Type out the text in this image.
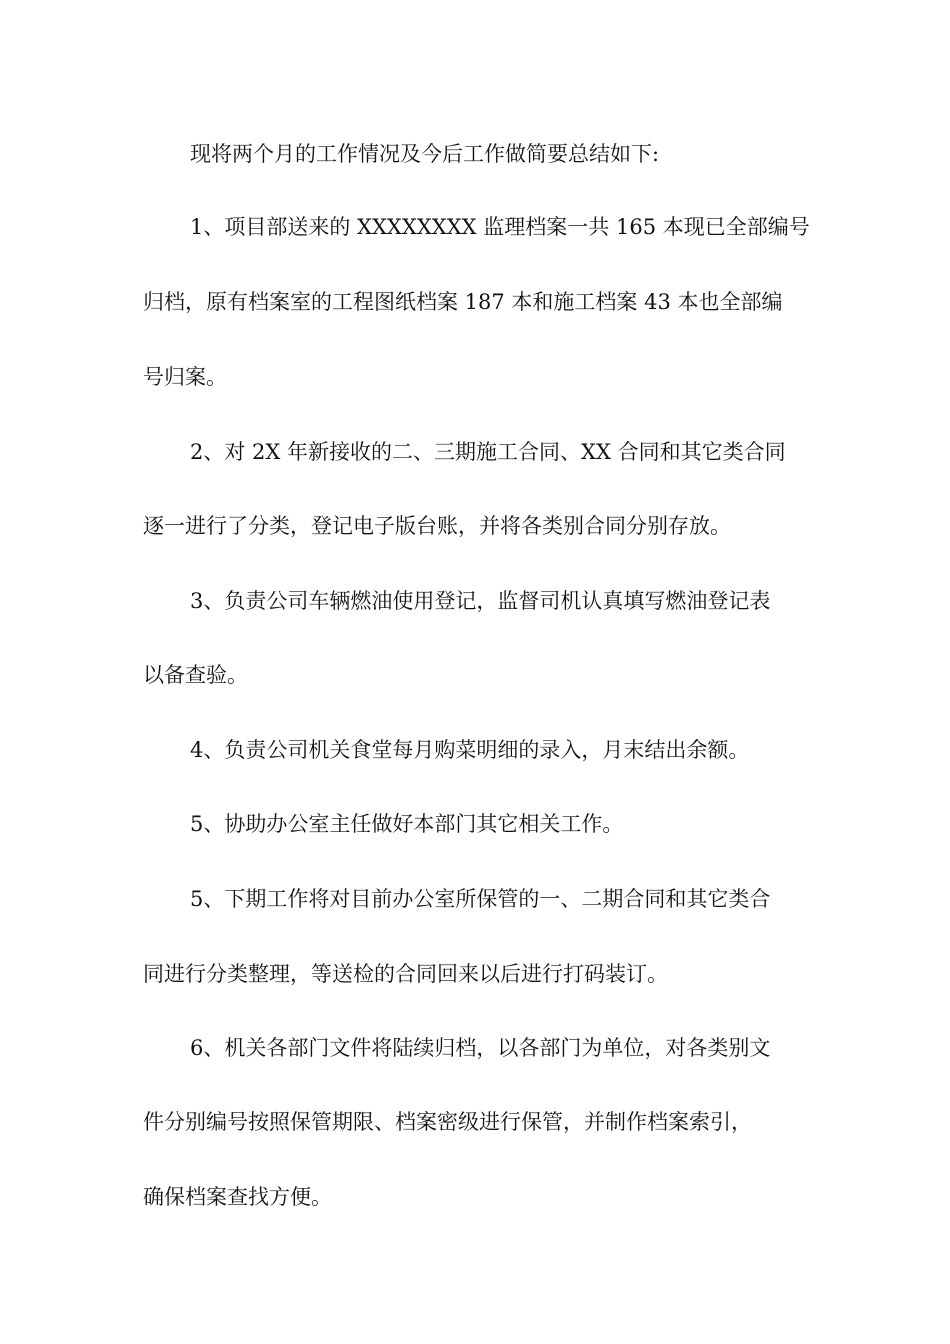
现将两个月的工作情况及今后工作做简要总结如下:
1、项目部送来的 XXXXXXXX 监理档案一共 165 本现已全部编号
归档，原有档案室的工程图纸档案 187 本和施工档案 43 本也全部编
号归案。
2、对 2X 年新接收的二、三期施工合同、XX 合同和其它类合同
逐一进行了分类，登记电子版台账，并将各类别合同分别存放。
3、负责公司车辆燃油使用登记，监督司机认真填写燃油登记表
以备查验。
4、负责公司机关食堂每月购菜明细的录入，月末结出余额。
5、协助办公室主任做好本部门其它相关工作。
5、下期工作将对目前办公室所保管的一、二期合同和其它类合
同进行分类整理，等送检的合同回来以后进行打码装订。
6、机关各部门文件将陆续归档，以各部门为单位，对各类别文
件分别编号按照保管期限、档案密级进行保管，并制作档案索引，
确保档案查找方便。
